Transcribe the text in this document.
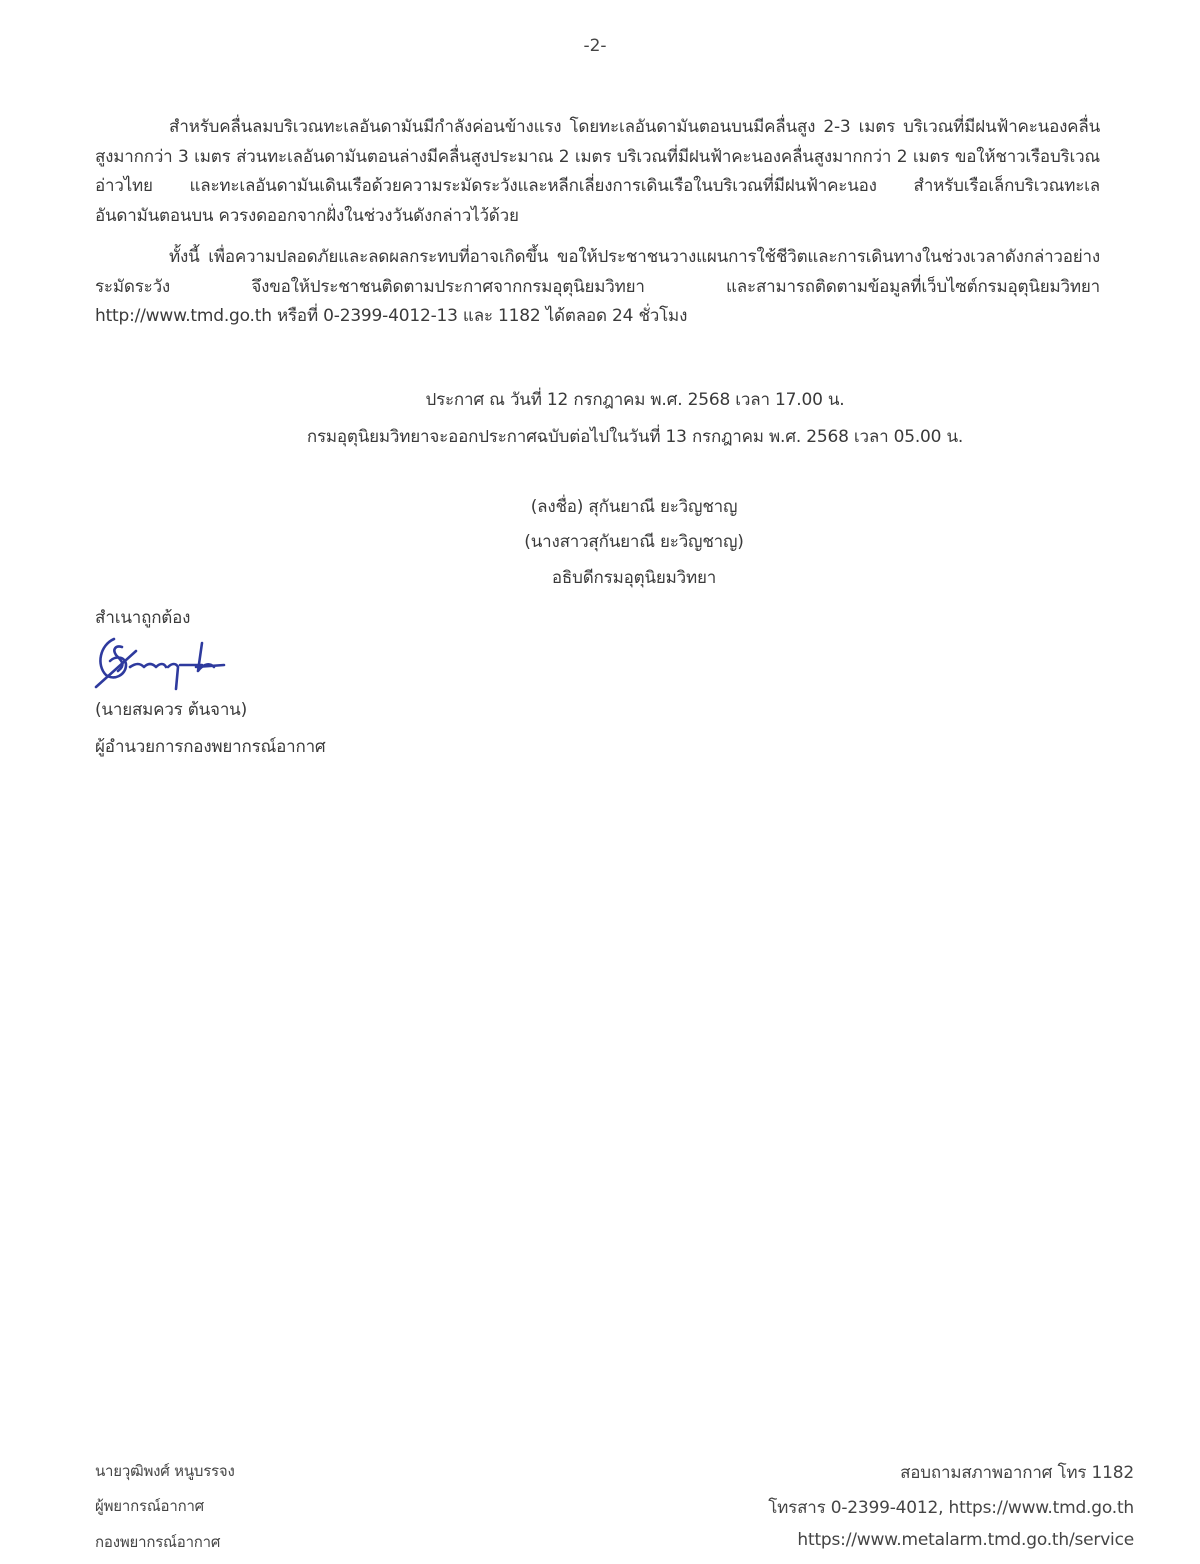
-2-
สำหรับคลื่นลมบริเวณทะเลอันดามันมีกำลังค่อนข้างแรง โดยทะเลอันดามันตอนบนมีคลื่นสูง 2-3 เมตร บริเวณที่มีฝนฟ้าคะนองคลื่นสูงมากกว่า 3 เมตร ส่วนทะเลอันดามันตอนล่างมีคลื่นสูงประมาณ 2 เมตร บริเวณที่มีฝนฟ้าคะนองคลื่นสูงมากกว่า 2 เมตร ขอให้ชาวเรือบริเวณอ่าวไทย และทะเลอันดามันเดินเรือด้วยความระมัดระวังและหลีกเลี่ยงการเดินเรือในบริเวณที่มีฝนฟ้าคะนอง สำหรับเรือเล็กบริเวณทะเลอันดามันตอนบน ควรงดออกจากฝั่งในช่วงวันดังกล่าวไว้ด้วย
ทั้งนี้ เพื่อความปลอดภัยและลดผลกระทบที่อาจเกิดขึ้น ขอให้ประชาชนวางแผนการใช้ชีวิตและการเดินทางในช่วงเวลาดังกล่าวอย่างระมัดระวัง จึงขอให้ประชาชนติดตามประกาศจากกรมอุตุนิยมวิทยา และสามารถติดตามข้อมูลที่เว็บไซต์กรมอุตุนิยมวิทยา http://www.tmd.go.th หรือที่ 0-2399-4012-13 และ 1182 ได้ตลอด 24 ชั่วโมง
ประกาศ ณ วันที่ 12 กรกฎาคม พ.ศ. 2568 เวลา 17.00 น.
กรมอุตุนิยมวิทยาจะออกประกาศฉบับต่อไปในวันที่ 13 กรกฎาคม พ.ศ. 2568 เวลา 05.00 น.
(ลงชื่อ) สุกันยาณี ยะวิญชาญ
(นางสาวสุกันยาณี ยะวิญชาญ)
อธิบดีกรมอุตุนิยมวิทยา
สำเนาถูกต้อง
(นายสมควร ต้นจาน)
ผู้อำนวยการกองพยากรณ์อากาศ
นายวุฒิพงศ์ หนูบรรจง
ผู้พยากรณ์อากาศ
กองพยากรณ์อากาศ
สอบถามสภาพอากาศ โทร 1182
โทรสาร 0-2399-4012, https://www.tmd.go.th
https://www.metalarm.tmd.go.th/service
